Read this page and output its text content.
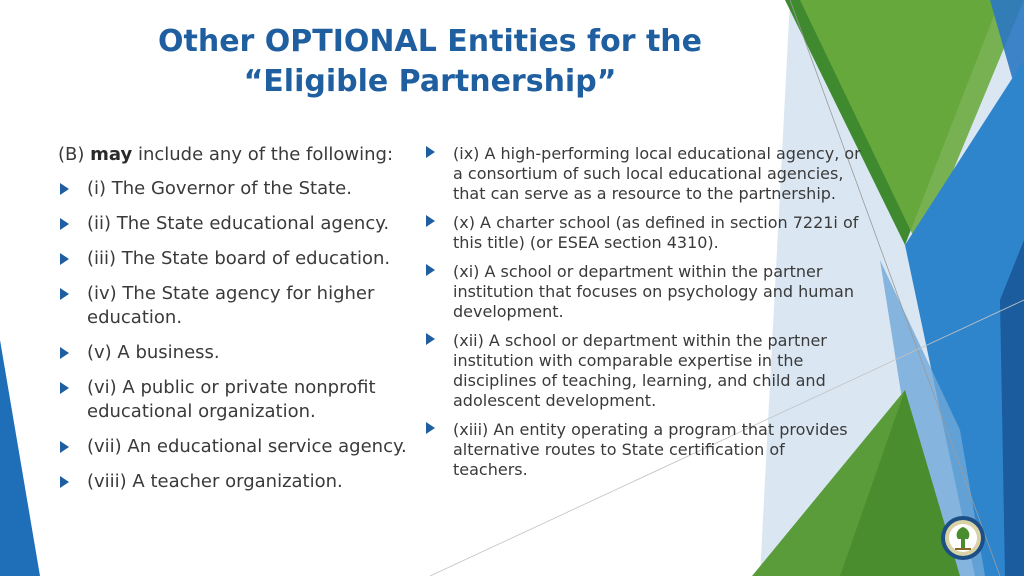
Other OPTIONAL Entities for the
“Eligible Partnership”

(B) may include any of the following:

(i) The Governor of the State.
(ii) The State educational agency.
(iii) The State board of education.
(iv) The State agency for higher education.
(v) A business.
(vi) A public or private nonprofit educational organization.
(vii) An educational service agency.
(viii) A teacher organization.
(ix) A high-performing local educational agency, or a consortium of such local educational agencies, that can serve as a resource to the partnership.
(x) A charter school (as defined in section 7221i of this title) (or ESEA section 4310).
(xi) A school or department within the partner institution that focuses on psychology and human development.
(xii) A school or department within the partner institution with comparable expertise in the disciplines of teaching, learning, and child and adolescent development.
(xiii) An entity operating a program that provides alternative routes to State certification of teachers.
